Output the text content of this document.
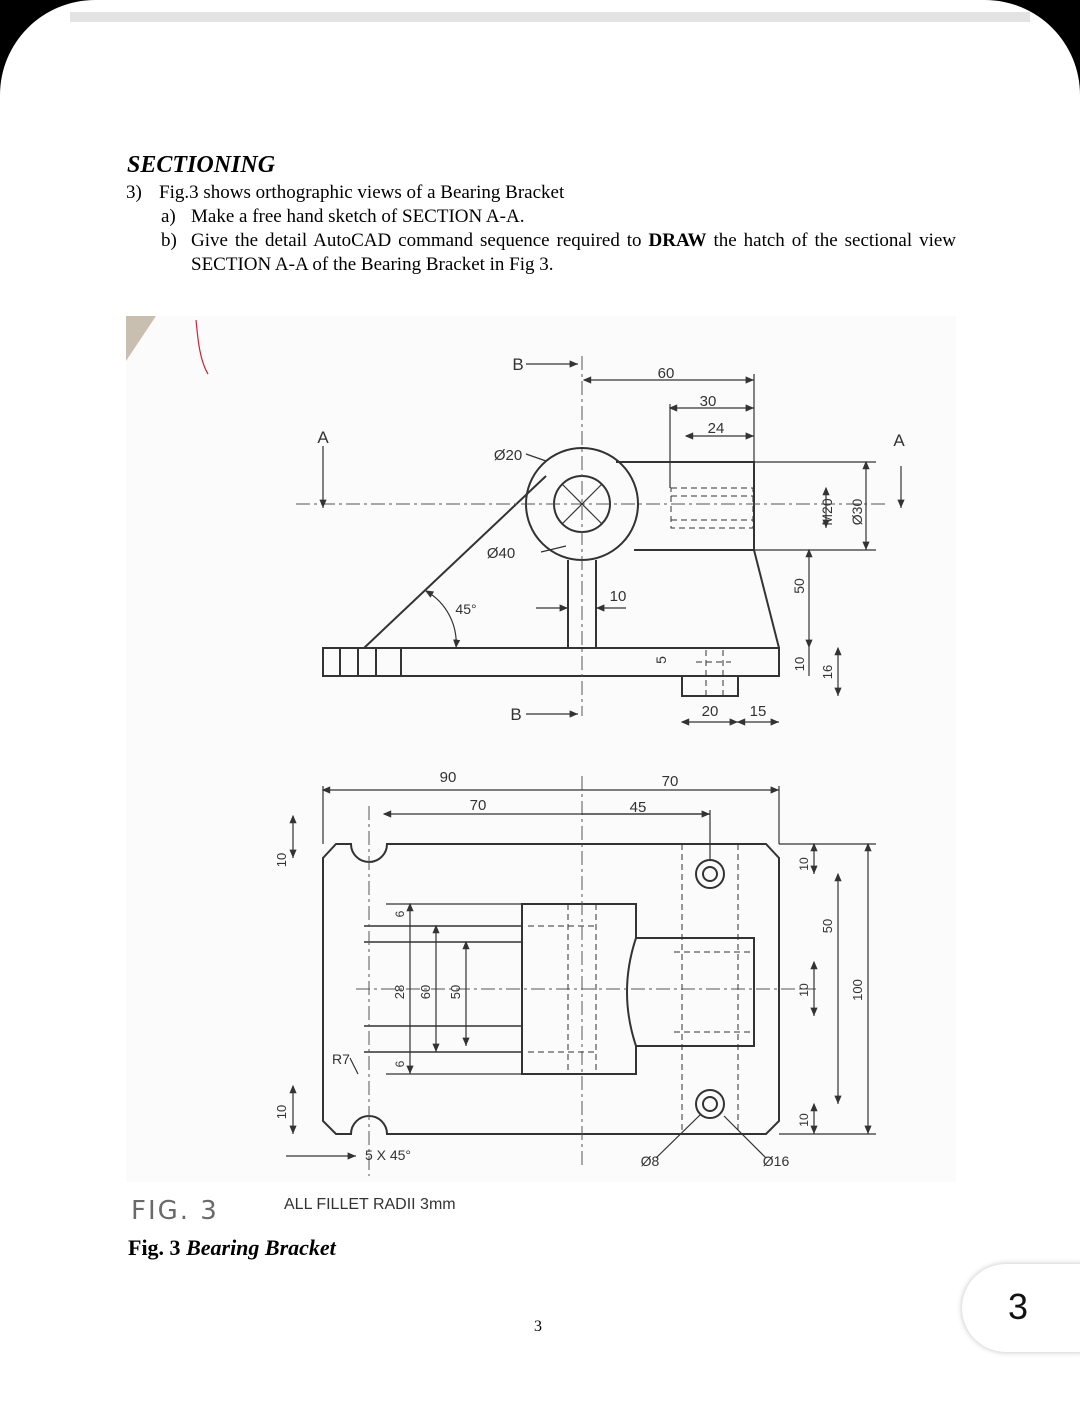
SECTIONING
3) Fig.3 shows orthographic views of a Bearing Bracket
a) Make a free hand sketch of SECTION A-A.
b) Give the detail AutoCAD command sequence required to DRAW the hatch of the sectional view SECTION A-A of the Bearing Bracket in Fig 3.
A	A
B
B
60
30
24
Ø20
Ø40
10
45°
M20 Ø30
50
5	10
16
20 15
90
70
70
45
10
10
6
6
28 60 50
R7
5 X 45°	Ø8	Ø16
10
10
10
50
100
FIG. 3	ALL FILLET RADII 3mm
Fig. 3 Bearing Bracket
3	3
